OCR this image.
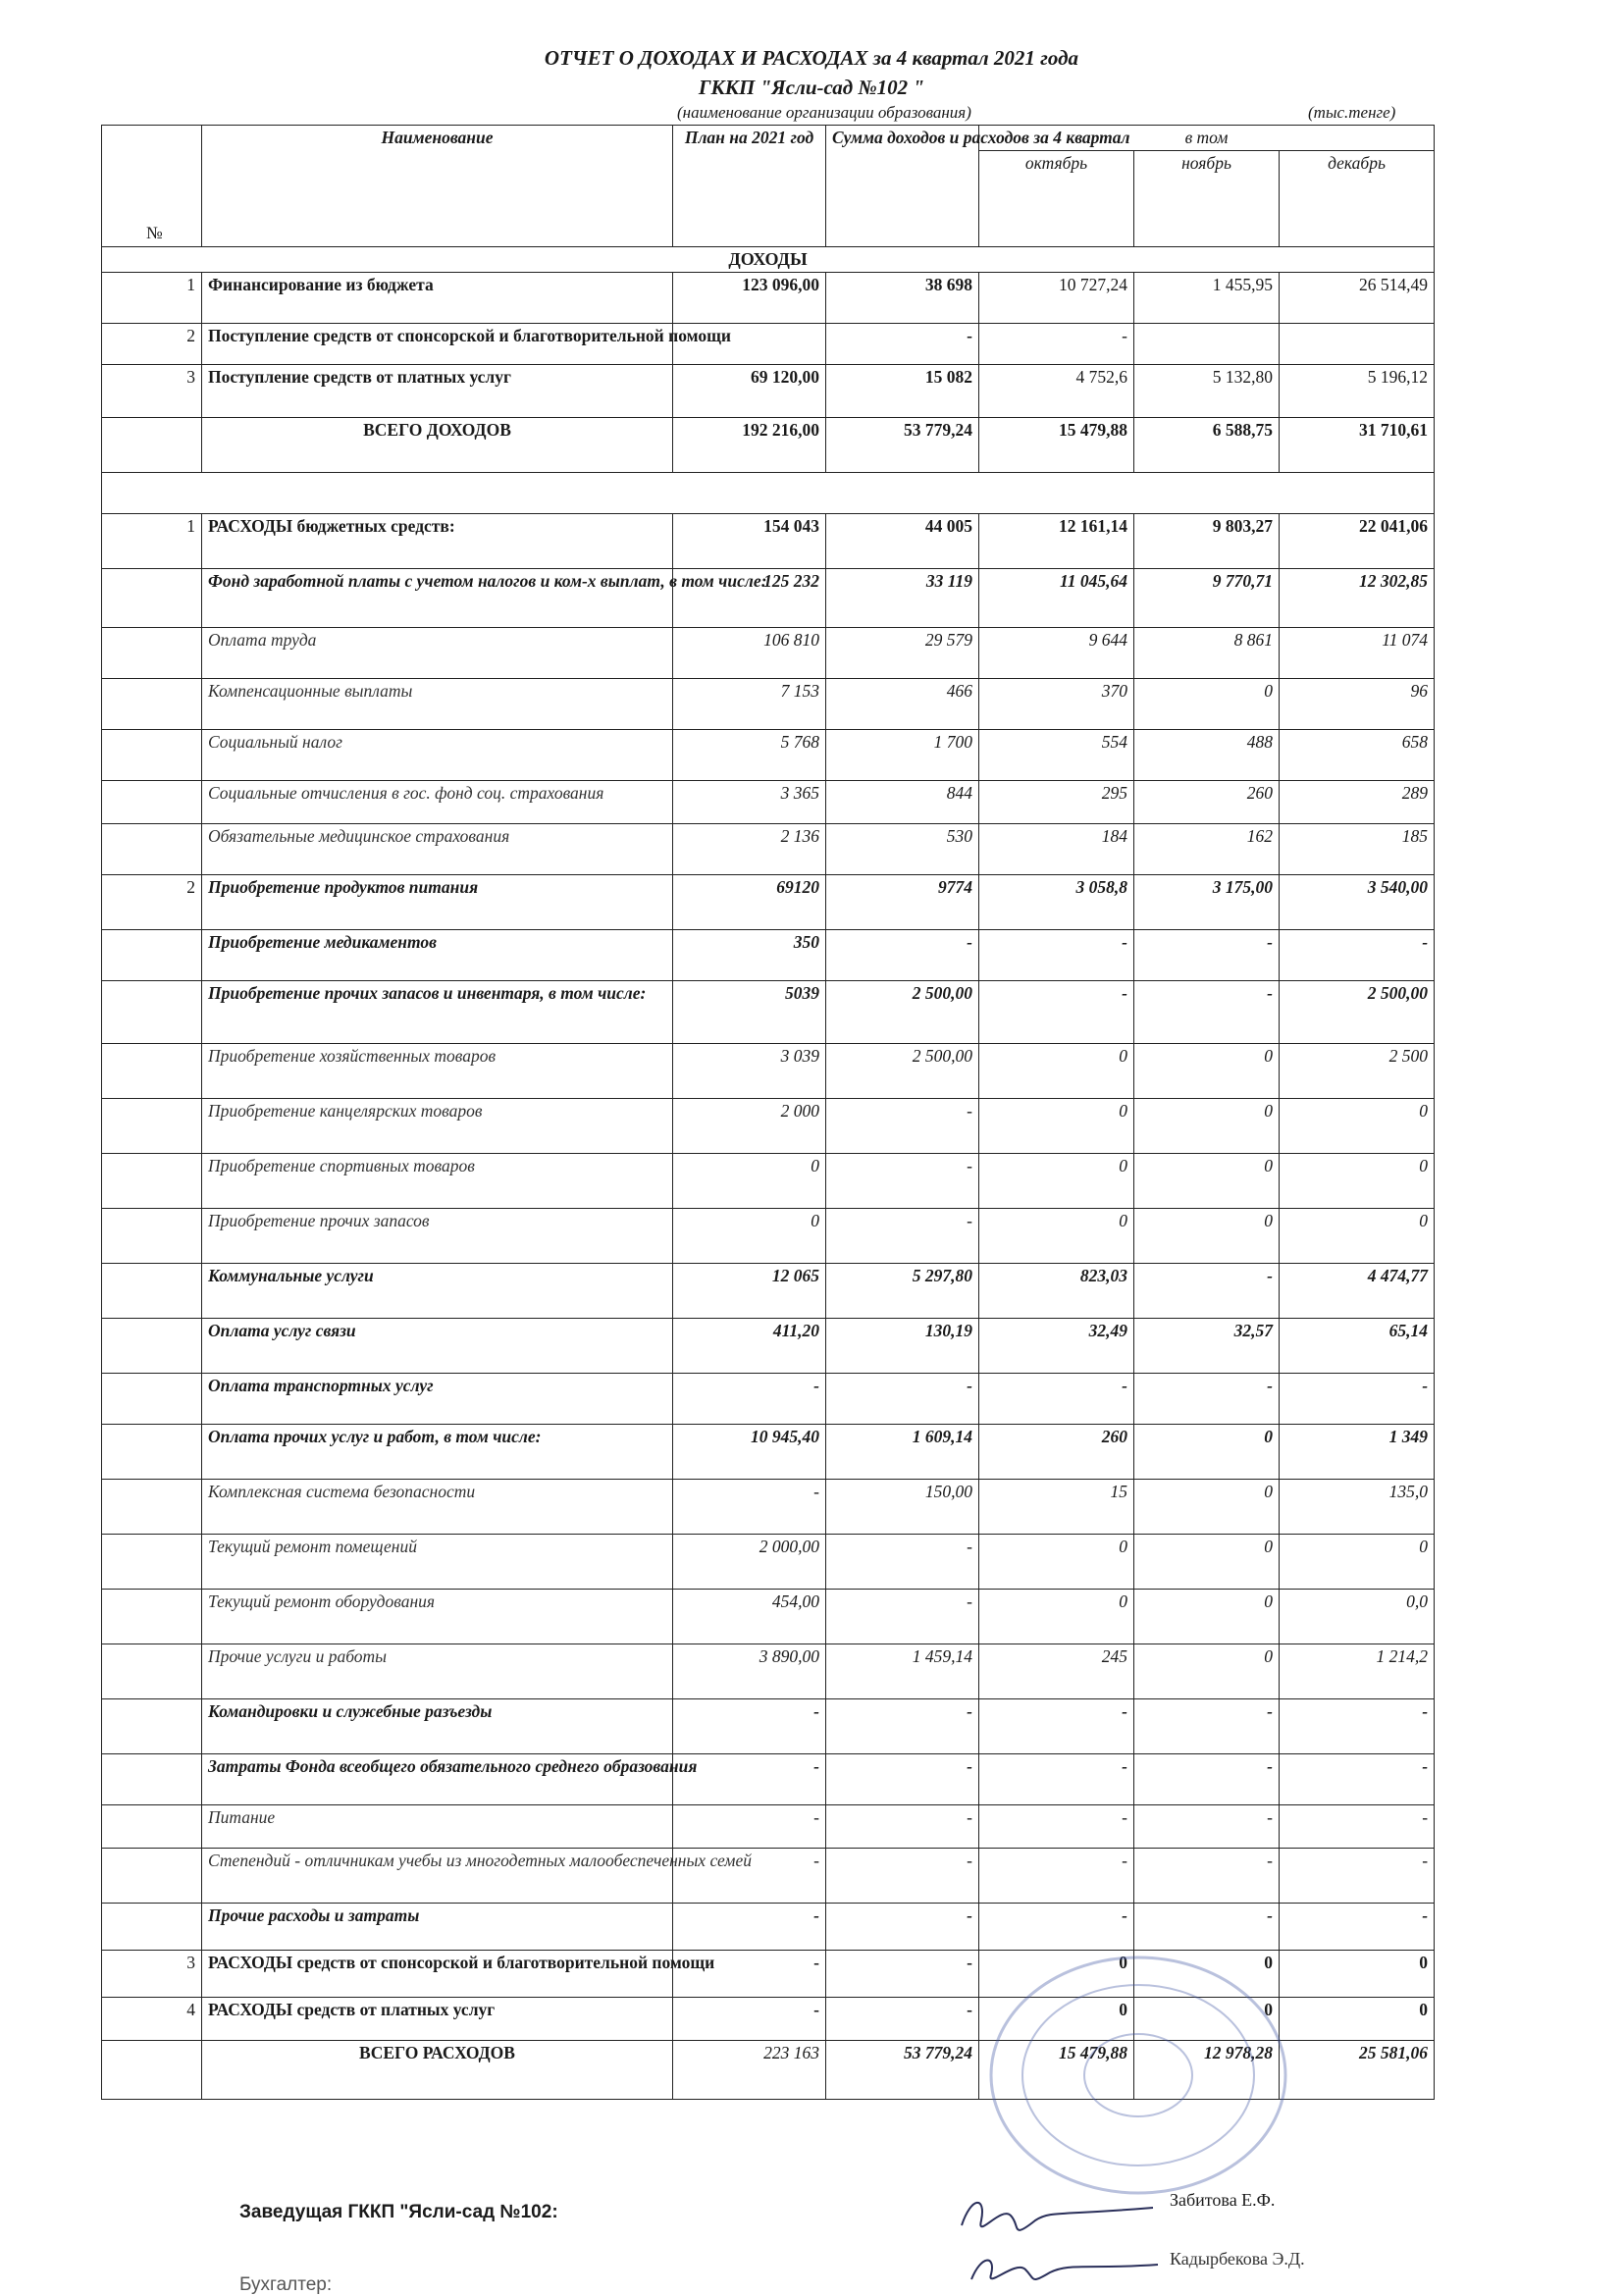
ОТЧЕТ О ДОХОДАХ И РАСХОДАХ за 4 квартал 2021 года
ГККП "Ясли-сад №102 "
(наименование организации образования)	(тыс.тенге)
№	Наименование	План на 2021 год	Сумма доходов и расходов за 4 квартал	в том		
				октябрь	ноябрь	декабрь
ДОХОДЫ						
1	Финансирование из бюджета	123 096,00	38 698	10 727,24	1 455,95	26 514,49
2	Поступление средств от спонсорской и благотворительной помощи		-	-		
3	Поступление средств от платных услуг	69 120,00	15 082	4 752,6	5 132,80	5 196,12
	ВСЕГО ДОХОДОВ	192 216,00	53 779,24	15 479,88	6 588,75	31 710,61

1	РАСХОДЫ бюджетных средств:	154 043	44 005	12 161,14	9 803,27	22 041,06
	Фонд заработной платы с учетом налогов и ком-х выплат, в том числе:	125 232	33 119	11 045,64	9 770,71	12 302,85
	Оплата труда	106 810	29 579	9 644	8 861	11 074
	Компенсационные выплаты	7 153	466	370	0	96
	Социальный налог	5 768	1 700	554	488	658
	Социальные отчисления в гос. фонд соц. страхования	3 365	844	295	260	289
	Обязательные медицинское страхования	2 136	530	184	162	185
2	Приобретение продуктов питания	69120	9774	3 058,8	3 175,00	3 540,00
	Приобретение медикаментов	350	-	-	-	-
	Приобретение прочих запасов и инвентаря, в том числе:	5039	2 500,00	-	-	2 500,00
	Приобретение хозяйственных товаров	3 039	2 500,00	0	0	2 500
	Приобретение канцелярских товаров	2 000	-	0	0	0
	Приобретение спортивных товаров	0	-	0	0	0
	Приобретение прочих запасов	0	-	0	0	0
	Коммунальные услуги	12 065	5 297,80	823,03	-	4 474,77
	Оплата услуг связи	411,20	130,19	32,49	32,57	65,14
	Оплата транспортных услуг	-	-	-	-	-
	Оплата прочих услуг и работ, в том числе:	10 945,40	1 609,14	260	0	1 349
	Комплексная система безопасности	-	150,00	15	0	135,0
	Текущий ремонт помещений	2 000,00	-	0	0	0
	Текущий ремонт оборудования	454,00	-	0	0	0,0
	Прочие услуги и работы	3 890,00	1 459,14	245	0	1 214,2
	Командировки и служебные разъезды	-	-	-	-	-
	Затраты Фонда всеобщего обязательного среднего образования	-	-	-	-	-
	Питание	-	-	-	-	-
	Степендий - отличникам учебы из многодетных малообеспеченных семей	-	-	-	-	-
	Прочие расходы и затраты	-	-	-	-	-
3	РАСХОДЫ средств от спонсорской и благотворительной помощи	-	-	0	0	0
4	РАСХОДЫ средств от платных услуг	-	-	0	0	0
	ВСЕГО РАСХОДОВ	223 163	53 779,24	15 479,88	12 978,28	25 581,06
Заведущая ГККП "Ясли-сад №102:
Бухгалтер:
Забитова Е.Ф.
Кадырбекова Э.Д.
